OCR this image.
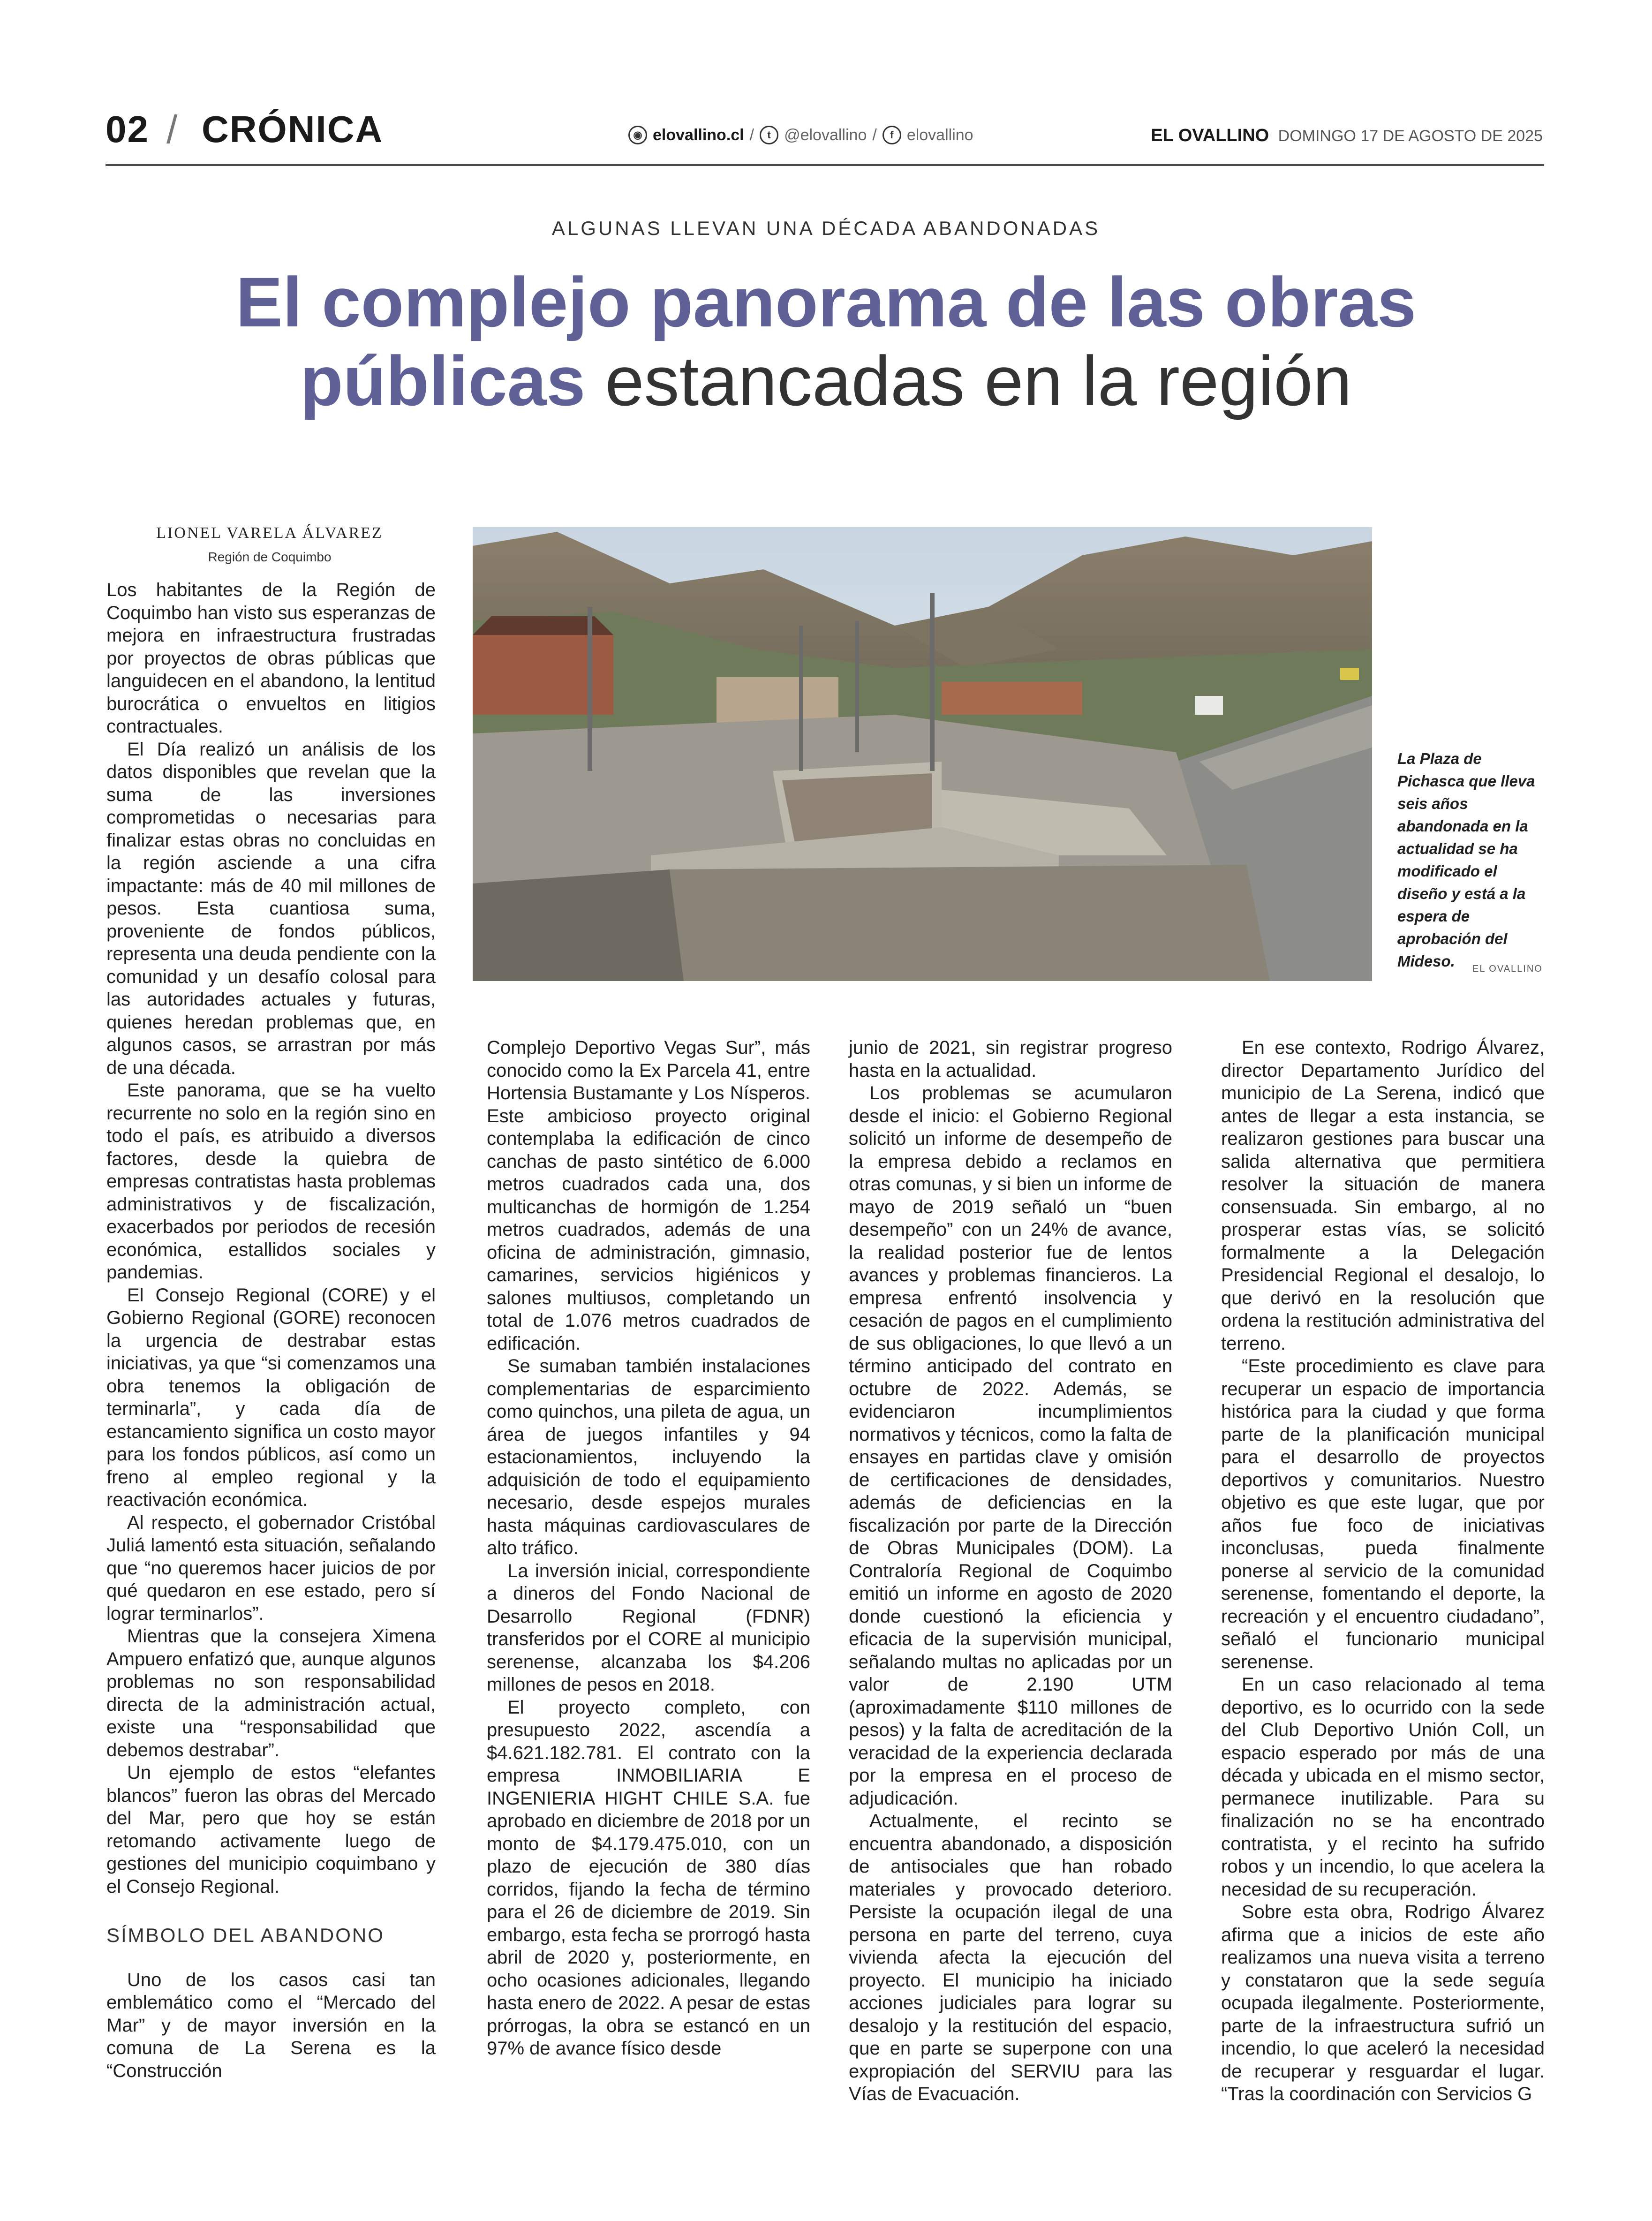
02 / CRÓNICA	◉ elovallino.cl /	t @elovallino /	f elovallino	EL OVALLINO DOMINGO 17 DE AGOSTO DE 2025
ALGUNAS LLEVAN UNA DÉCADA ABANDONADAS
El complejo panorama de las obras
públicas estancadas en la región
LIONEL VARELA ÁLVAREZ
Región de Coquimbo
La Plaza de Pichasca que lleva seis años abandonada en la actualidad se ha modificado el diseño y está a la espera de aprobación del Mideso.	EL OVALLINO

Los habitantes de la Región de Coquimbo han visto sus esperanzas de mejora en infraestructura frustradas por proyectos de obras públicas que languidecen en el abandono, la lentitud burocrática o envueltos en litigios contractuales.

El Día realizó un análisis de los datos disponibles que revelan que la suma de las inversiones comprometidas o necesarias para finalizar estas obras no concluidas en la región asciende a una cifra impactante: más de 40 mil millones de pesos. Esta cuantiosa suma, proveniente de fondos públicos, representa una deuda pendiente con la comunidad y un desafío colosal para las autoridades actuales y futuras, quienes heredan problemas que, en algunos casos, se arrastran por más de una década.

Este panorama, que se ha vuelto recurrente no solo en la región sino en todo el país, es atribuido a diversos factores, desde la quiebra de empresas contratistas hasta problemas administrativos y de fiscalización, exacerbados por periodos de recesión económica, estallidos sociales y pandemias.

El Consejo Regional (CORE) y el Gobierno Regional (GORE) reconocen la urgencia de destrabar estas iniciativas, ya que “si comenzamos una obra tenemos la obligación de terminarla”, y cada día de estancamiento significa un costo mayor para los fondos públicos, así como un freno al empleo regional y la reactivación económica.

Al respecto, el gobernador Cristóbal Juliá lamentó esta situación, señalando que “no queremos hacer juicios de por qué quedaron en ese estado, pero sí lograr terminarlos”.

Mientras que la consejera Ximena Ampuero enfatizó que, aunque algunos problemas no son responsabilidad directa de la administración actual, existe una “responsabilidad que debemos destrabar”.

Un ejemplo de estos “elefantes blancos” fueron las obras del Mercado del Mar, pero que hoy se están retomando activamente luego de gestiones del municipio coquimbano y el Consejo Regional.

SÍMBOLO DEL ABANDONO

Uno de los casos casi tan emblemático como el “Mercado del Mar” y de mayor inversión en la comuna de La Serena es la “Construcción

Complejo Deportivo Vegas Sur”, más conocido como la Ex Parcela 41, entre Hortensia Bustamante y Los Nísperos. Este ambicioso proyecto original contemplaba la edificación de cinco canchas de pasto sintético de 6.000 metros cuadrados cada una, dos multicanchas de hormigón de 1.254 metros cuadrados, además de una oficina de administración, gimnasio, camarines, servicios higiénicos y salones multiusos, completando un total de 1.076 metros cuadrados de edificación.

Se sumaban también instalaciones complementarias de esparcimiento como quinchos, una pileta de agua, un área de juegos infantiles y 94 estacionamientos, incluyendo la adquisición de todo el equipamiento necesario, desde espejos murales hasta máquinas cardiovasculares de alto tráfico.

La inversión inicial, correspondiente a dineros del Fondo Nacional de Desarrollo Regional (FDNR) transferidos por el CORE al municipio serenense, alcanzaba los $4.206 millones de pesos en 2018.

El proyecto completo, con presupuesto 2022, ascendía a $4.621.182.781. El contrato con la empresa INMOBILIARIA E INGENIERIA HIGHT CHILE S.A. fue aprobado en diciembre de 2018 por un monto de $4.179.475.010, con un plazo de ejecución de 380 días corridos, fijando la fecha de término para el 26 de diciembre de 2019. Sin embargo, esta fecha se prorrogó hasta abril de 2020 y, posteriormente, en ocho ocasiones adicionales, llegando hasta enero de 2022. A pesar de estas prórrogas, la obra se estancó en un 97% de avance físico desde

junio de 2021, sin registrar progreso hasta en la actualidad.

Los problemas se acumularon desde el inicio: el Gobierno Regional solicitó un informe de desempeño de la empresa debido a reclamos en otras comunas, y si bien un informe de mayo de 2019 señaló un “buen desempeño” con un 24% de avance, la realidad posterior fue de lentos avances y problemas financieros. La empresa enfrentó insolvencia y cesación de pagos en el cumplimiento de sus obligaciones, lo que llevó a un término anticipado del contrato en octubre de 2022. Además, se evidenciaron incumplimientos normativos y técnicos, como la falta de ensayes en partidas clave y omisión de certificaciones de densidades, además de deficiencias en la fiscalización por parte de la Dirección de Obras Municipales (DOM). La Contraloría Regional de Coquimbo emitió un informe en agosto de 2020 donde cuestionó la eficiencia y eficacia de la supervisión municipal, señalando multas no aplicadas por un valor de 2.190 UTM (aproximadamente $110 millones de pesos) y la falta de acreditación de la veracidad de la experiencia declarada por la empresa en el proceso de adjudicación.

Actualmente, el recinto se encuentra abandonado, a disposición de antisociales que han robado materiales y provocado deterioro. Persiste la ocupación ilegal de una persona en parte del terreno, cuya vivienda afecta la ejecución del proyecto. El municipio ha iniciado acciones judiciales para lograr su desalojo y la restitución del espacio, que en parte se superpone con una expropiación del SERVIU para las Vías de Evacuación.

En ese contexto, Rodrigo Álvarez, director Departamento Jurídico del municipio de La Serena, indicó que antes de llegar a esta instancia, se realizaron gestiones para buscar una salida alternativa que permitiera resolver la situación de manera consensuada. Sin embargo, al no prosperar estas vías, se solicitó formalmente a la Delegación Presidencial Regional el desalojo, lo que derivó en la resolución que ordena la restitución administrativa del terreno.

“Este procedimiento es clave para recuperar un espacio de importancia histórica para la ciudad y que forma parte de la planificación municipal para el desarrollo de proyectos deportivos y comunitarios. Nuestro objetivo es que este lugar, que por años fue foco de iniciativas inconclusas, pueda finalmente ponerse al servicio de la comunidad serenense, fomentando el deporte, la recreación y el encuentro ciudadano”, señaló el funcionario municipal serenense.

En un caso relacionado al tema deportivo, es lo ocurrido con la sede del Club Deportivo Unión Coll, un espacio esperado por más de una década y ubicada en el mismo sector, permanece inutilizable. Para su finalización no se ha encontrado contratista, y el recinto ha sufrido robos y un incendio, lo que acelera la necesidad de su recuperación.

Sobre esta obra, Rodrigo Álvarez afirma que a inicios de este año realizamos una nueva visita a terreno y constataron que la sede seguía ocupada ilegalmente. Posteriormente, parte de la infraestructura sufrió un incendio, lo que aceleró la necesidad de recuperar y resguardar el lugar. “Tras la coordinación con Servicios G
